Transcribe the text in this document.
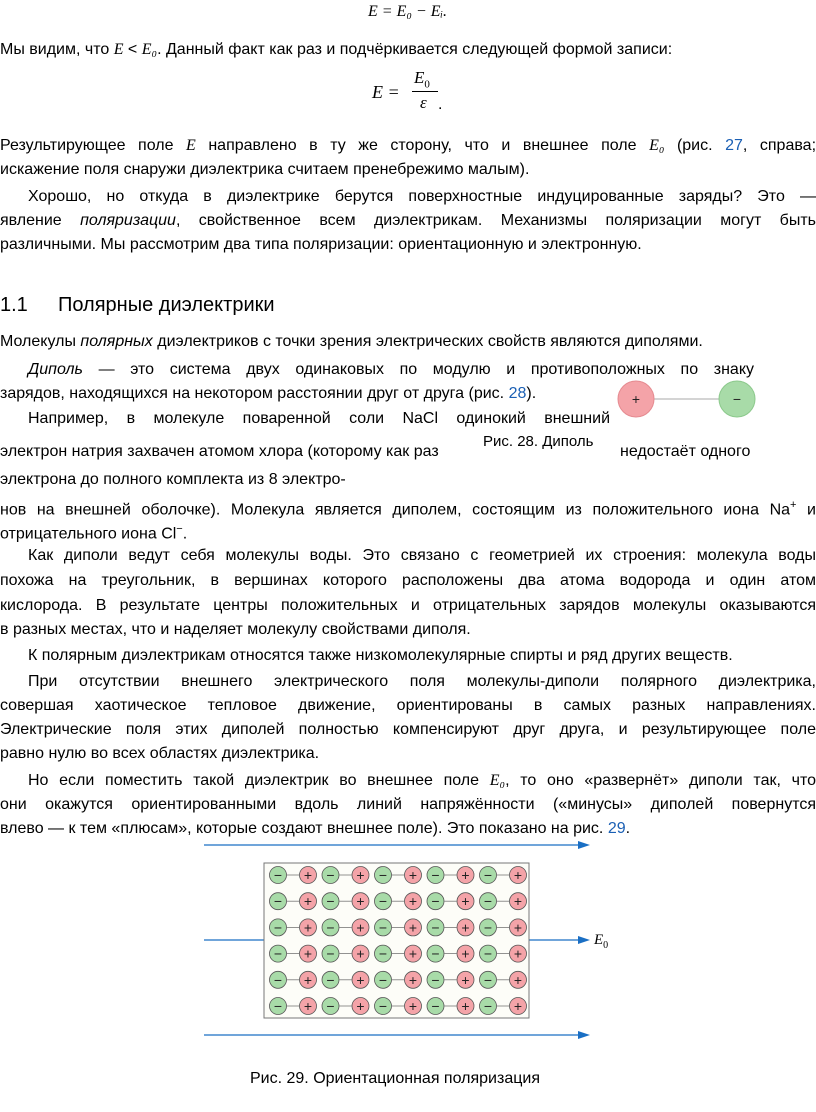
E = E₀ − Eᵢ.
Мы видим, что E < E₀. Данный факт как раз и подчёркивается следующей формой записи:
E =
$E_0$
ε .
Результирующее поле E направлено в ту же сторону, что и внешнее поле E₀ (рис. 27, справа;
искажение поля снаружи диэлектрика считаем пренебрежимо малым).
Хорошо, но откуда в диэлектрике берутся поверхностные индуцированные заряды? Это —
явление поляризации, свойственное всем диэлектрикам. Механизмы поляризации могут быть
различными. Мы рассмотрим два типа поляризации: ориентационную и электронную.
1.1 Полярные диэлектрики
Молекулы полярных диэлектриков с точки зрения электрических свойств являются диполями.
Диполь — это система двух одинаковых по модулю и противоположных по знаку
зарядов, находящихся на некотором расстоянии друг от друга (рис. 28).	+	−
Например, в молекуле поваренной соли NaCl одинокий внешний
электрон натрия захвачен атомом хлора (которому как раз
Рис. 28. Диполь
недостаёт одного
электрона до полного комплекта из 8 электро-
нов на внешней оболочке). Молекула является диполем, состоящим из положительного иона Na+ и
отрицательного иона Cl−.
Как диполи ведут себя молекулы воды. Это связано с геометрией их строения: молекула воды
похожа на треугольник, в вершинах которого расположены два атома водорода и один атом
кислорода. В результате центры положительных и отрицательных зарядов молекулы оказываются
в разных местах, что и наделяет молекулу свойствами диполя.
К полярным диэлектрикам относятся также низкомолекулярные спирты и ряд других веществ.
При отсутствии внешнего электрического поля молекулы-диполи полярного диэлектрика,
совершая хаотическое тепловое движение, ориентированы в самых разных направлениях.
Электрические поля этих диполей полностью компенсируют друг друга, и результирующее поле
равно нулю во всех областях диэлектрика.
Но если поместить такой диэлектрик во внешнее поле E₀, то оно «развернёт» диполи так, что
они окажутся ориентированными вдоль линий напряжённости («минусы» диполей повернутся
влево — к тем «плюсам», которые создают внешнее поле). Это показано на рис. 29.
− + − + − + − + − +
− + − + − + − + − +
− + − + − + − + − +
− + − + − + − + − +
− + − + − + − + − +
− + − + − + − + − +
$E_0$
Рис. 29. Ориентационная поляризация
